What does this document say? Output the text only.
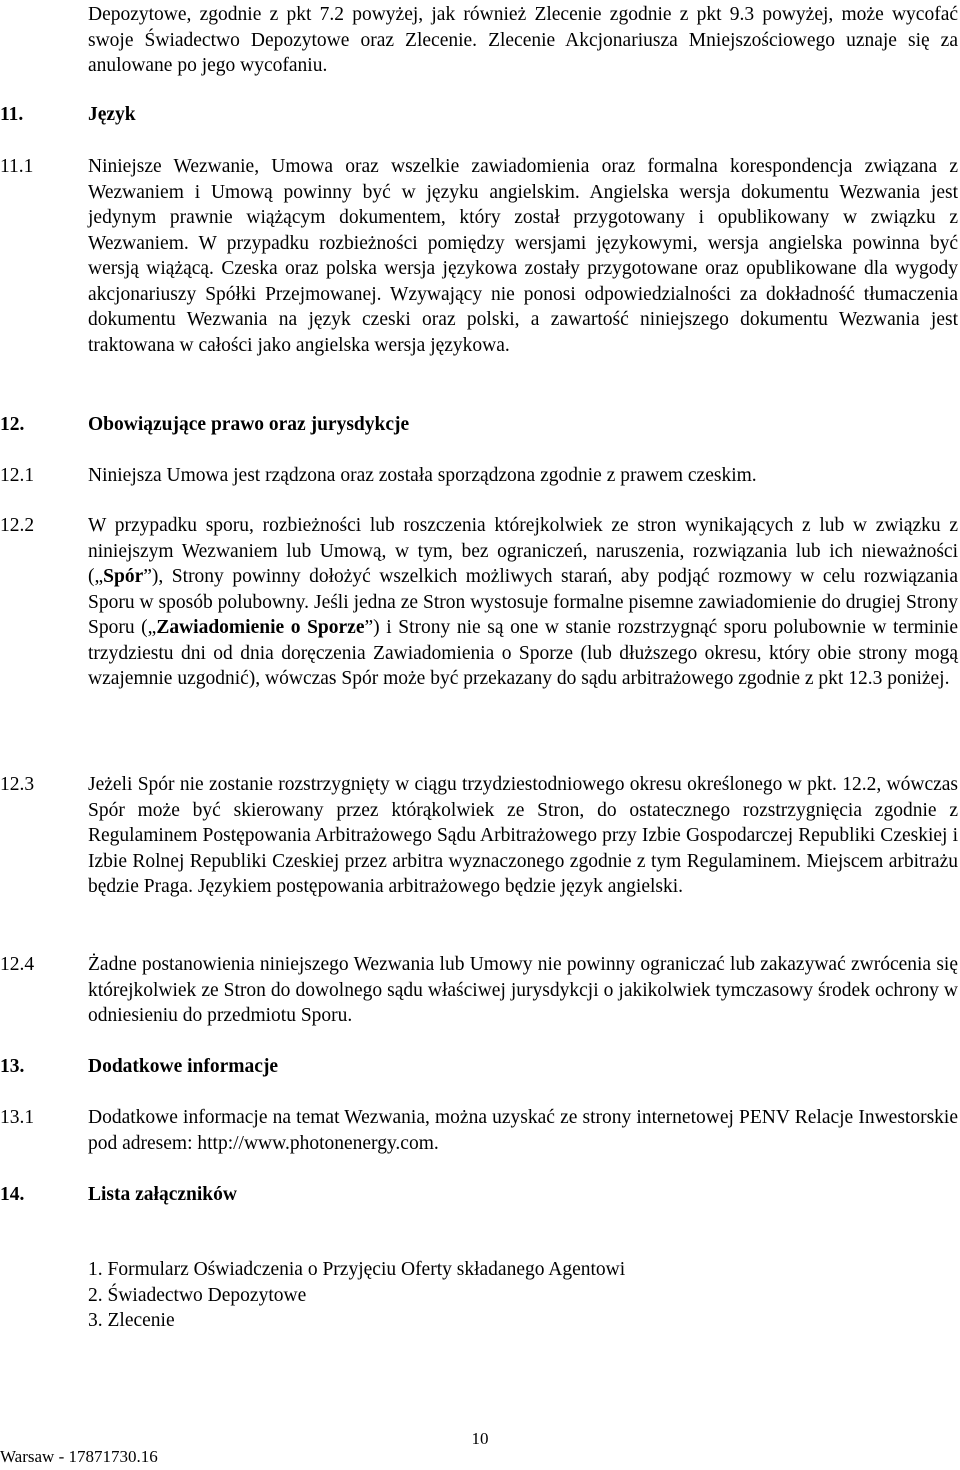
Depozytowe, zgodnie z pkt 7.2 powyżej, jak również Zlecenie zgodnie z pkt 9.3 powyżej, może wycofać swoje Świadectwo Depozytowe oraz Zlecenie. Zlecenie Akcjonariusza Mniejszościowego uznaje się za anulowane po jego wycofaniu.
11.	Język
11.1	Niniejsze Wezwanie, Umowa oraz wszelkie zawiadomienia oraz formalna korespondencja związana z Wezwaniem i Umową powinny być w języku angielskim. Angielska wersja dokumentu Wezwania jest jedynym prawnie wiążącym dokumentem, który został przygotowany i opublikowany w związku z Wezwaniem. W przypadku rozbieżności pomiędzy wersjami językowymi, wersja angielska powinna być wersją wiążącą. Czeska oraz polska wersja językowa zostały przygotowane oraz opublikowane dla wygody akcjonariuszy Spółki Przejmowanej. Wzywający nie ponosi odpowiedzialności za dokładność tłumaczenia dokumentu Wezwania na język czeski oraz polski, a zawartość niniejszego dokumentu Wezwania jest traktowana w całości jako angielska wersja językowa.
12.	Obowiązujące prawo oraz jurysdykcje
12.1	Niniejsza Umowa jest rządzona oraz została sporządzona zgodnie z prawem czeskim.
12.2	W przypadku sporu, rozbieżności lub roszczenia którejkolwiek ze stron wynikających z lub w związku z niniejszym Wezwaniem lub Umową, w tym, bez ograniczeń, naruszenia, rozwiązania lub ich nieważności („Spór”), Strony powinny dołożyć wszelkich możliwych starań, aby podjąć rozmowy w celu rozwiązania Sporu w sposób polubowny. Jeśli jedna ze Stron wystosuje formalne pisemne zawiadomienie do drugiej Strony Sporu („Zawiadomienie o Sporze”) i Strony nie są one w stanie rozstrzygnąć sporu polubownie w terminie trzydziestu dni od dnia doręczenia Zawiadomienia o Sporze (lub dłuższego okresu, który obie strony mogą wzajemnie uzgodnić), wówczas Spór może być przekazany do sądu arbitrażowego zgodnie z pkt 12.3 poniżej.
12.3	Jeżeli Spór nie zostanie rozstrzygnięty w ciągu trzydziestodniowego okresu określonego w pkt. 12.2, wówczas Spór może być skierowany przez którąkolwiek ze Stron, do ostatecznego rozstrzygnięcia zgodnie z Regulaminem Postępowania Arbitrażowego Sądu Arbitrażowego przy Izbie Gospodarczej Republiki Czeskiej i Izbie Rolnej Republiki Czeskiej przez arbitra wyznaczonego zgodnie z tym Regulaminem. Miejscem arbitrażu będzie Praga. Językiem postępowania arbitrażowego będzie język angielski.
12.4	Żadne postanowienia niniejszego Wezwania lub Umowy nie powinny ograniczać lub zakazywać zwrócenia się którejkolwiek ze Stron do dowolnego sądu właściwej jurysdykcji o jakikolwiek tymczasowy środek ochrony w odniesieniu do przedmiotu Sporu.
13.	Dodatkowe informacje
13.1	Dodatkowe informacje na temat Wezwania, można uzyskać ze strony internetowej PENV Relacje Inwestorskie pod adresem: http://www.photonenergy.com.
14.	Lista załączników
1. Formularz Oświadczenia o Przyjęciu Oferty składanego Agentowi
2. Świadectwo Depozytowe
3. Zlecenie
10
Warsaw - 17871730.16
